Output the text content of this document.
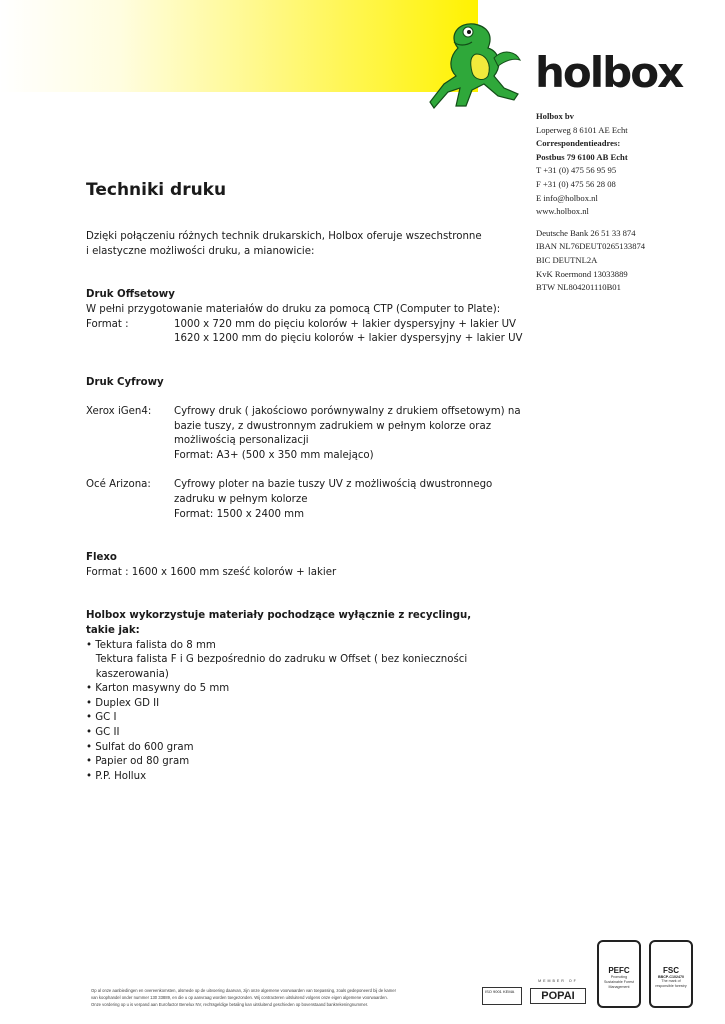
holbox
Holbox bv
Loperweg 8 6101 AE Echt
Correspondentieadres:
Postbus 79 6100 AB Echt
T +31 (0) 475 56 95 95
F +31 (0) 475 56 28 08
E info@holbox.nl
www.holbox.nl
Deutsche Bank 26 51 33 874
IBAN NL76DEUT0265133874
BIC DEUTNL2A
KvK Roermond 13033889
BTW NL804201110B01
Techniki druku
Dzięki połączeniu różnych technik drukarskich, Holbox oferuje wszechstronne
i elastyczne możliwości druku, a mianowicie:
Druk Offsetowy
W pełni przygotowanie materiałów do druku za pomocą CTP (Computer to Plate):
Format :	1000 x 720 mm do pięciu kolorów + lakier dyspersyjny + lakier UV
1620 x 1200 mm do pięciu kolorów + lakier dyspersyjny + lakier UV
Druk Cyfrowy
Xerox iGen4: Cyfrowy druk ( jakościowo porównywalny z drukiem offsetowym) na
bazie tuszy, z dwustronnym zadrukiem w pełnym kolorze oraz
możliwością personalizacji
Format: A3+ (500 x 350 mm malejąco)
Océ Arizona: Cyfrowy ploter na bazie tuszy UV z możliwością dwustronnego
zadruku w pełnym kolorze
Format: 1500 x 2400 mm
Flexo
Format : 1600 x 1600 mm sześć kolorów + lakier
Holbox wykorzystuje materiały pochodzące wyłącznie z recyclingu,
takie jak:
• Tektura falista do 8 mm
Tektura falista F i G bezpośrednio do zadruku w Offset ( bez konieczności
kaszerowania)
• Karton masywny do 5 mm
• Duplex GD II
• GC I
• GC II
• Sulfat do 600 gram
• Papier od 80 gram
• P.P. Hollux
Op al onze aanbiedingen en overeenkomsten, alsmede op de uitvoering daarvan, zijn onze algemene voorwaarden van toepassing, zoals gedeponeerd bij de kamer
van koophandel onder nummer 130 33889, en die u op aanvraag worden toegezonden. Wij contracteren uitsluitend volgens onze eigen algemene voorwaarden.
Onze vordering op u is verpand aan Eurofactor Benelux NV, rechtsgeldige betaling kan uitsluitend geschieden op bovenstaand bankrekeningnummer.
ISO 9001 KEMA
MEMBER OF
POPAI
PEFC
Promoting Sustainable Forest Management
FSC
BBCP-C102470
The mark of responsible forestry
